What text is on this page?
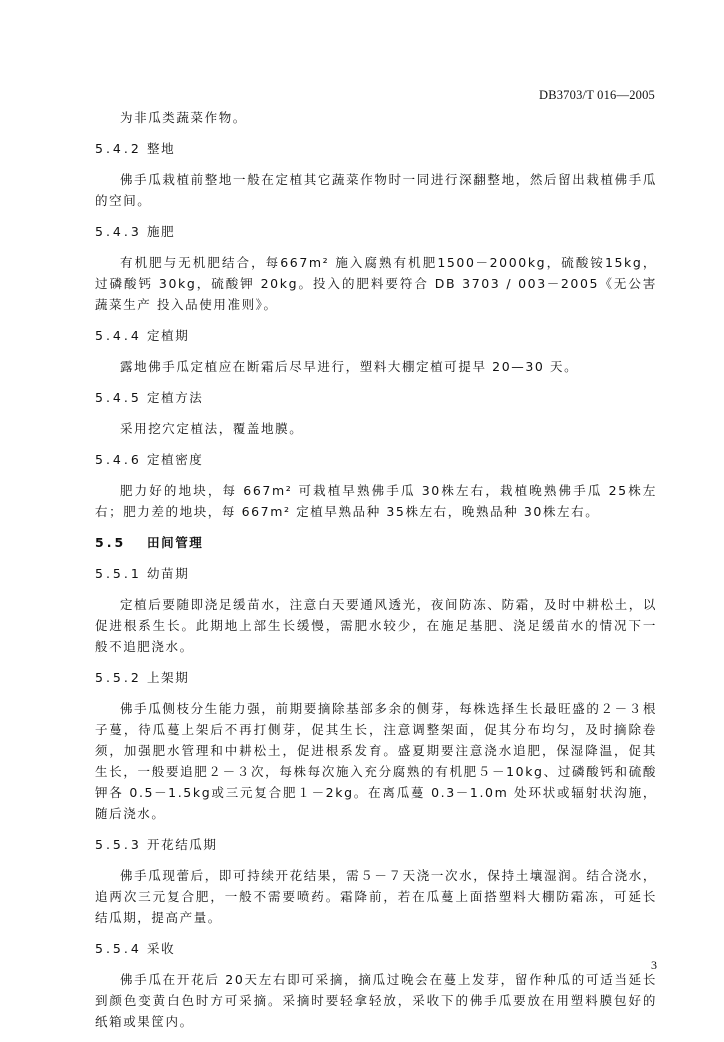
DB3703/T 016—2005

为非瓜类蔬菜作物。

5.4.2 整地

佛手瓜栽植前整地一般在定植其它蔬菜作物时一同进行深翻整地，然后留出栽植佛手瓜的空间。

5.4.3 施肥

有机肥与无机肥结合，每667m² 施入腐熟有机肥1500－2000kg，硫酸铵15kg，过磷酸钙 30kg，硫酸钾 20kg。投入的肥料要符合 DB 3703 / 003－2005《无公害蔬菜生产 投入品使用准则》。

5.4.4 定植期

露地佛手瓜定植应在断霜后尽早进行，塑料大棚定植可提早 20—30 天。

5.4.5 定植方法

采用挖穴定植法，覆盖地膜。

5.4.6 定植密度

肥力好的地块，每 667m² 可栽植早熟佛手瓜 30株左右，栽植晚熟佛手瓜 25株左右；肥力差的地块，每 667m² 定植早熟品种 35株左右，晚熟品种 30株左右。

5.5 田间管理
5.5.1 幼苗期

定植后要随即浇足缓苗水，注意白天要通风透光，夜间防冻、防霜，及时中耕松土，以促进根系生长。此期地上部生长缓慢，需肥水较少，在施足基肥、浇足缓苗水的情况下一般不追肥浇水。

5.5.2 上架期

佛手瓜侧枝分生能力强，前期要摘除基部多余的侧芽，每株选择生长最旺盛的２－３根子蔓，待瓜蔓上架后不再打侧芽，促其生长，注意调整架面，促其分布均匀，及时摘除卷须，加强肥水管理和中耕松土，促进根系发育。盛夏期要注意浇水追肥，保湿降温，促其生长，一般要追肥２－３次，每株每次施入充分腐熟的有机肥５－10kg、过磷酸钙和硫酸钾各 0.5－1.5kg或三元复合肥１－2kg。在离瓜蔓 0.3－1.0m 处环状或辐射状沟施，随后浇水。

5.5.3 开花结瓜期

佛手瓜现蕾后，即可持续开花结果，需５－７天浇一次水，保持土壤湿润。结合浇水，追两次三元复合肥，一般不需要喷药。霜降前，若在瓜蔓上面搭塑料大棚防霜冻，可延长结瓜期，提高产量。

5.5.4 采收

佛手瓜在开花后 20天左右即可采摘，摘瓜过晚会在蔓上发芽，留作种瓜的可适当延长到颜色变黄白色时方可采摘。采摘时要轻拿轻放，采收下的佛手瓜要放在用塑料膜包好的纸箱或果筐内。

3
